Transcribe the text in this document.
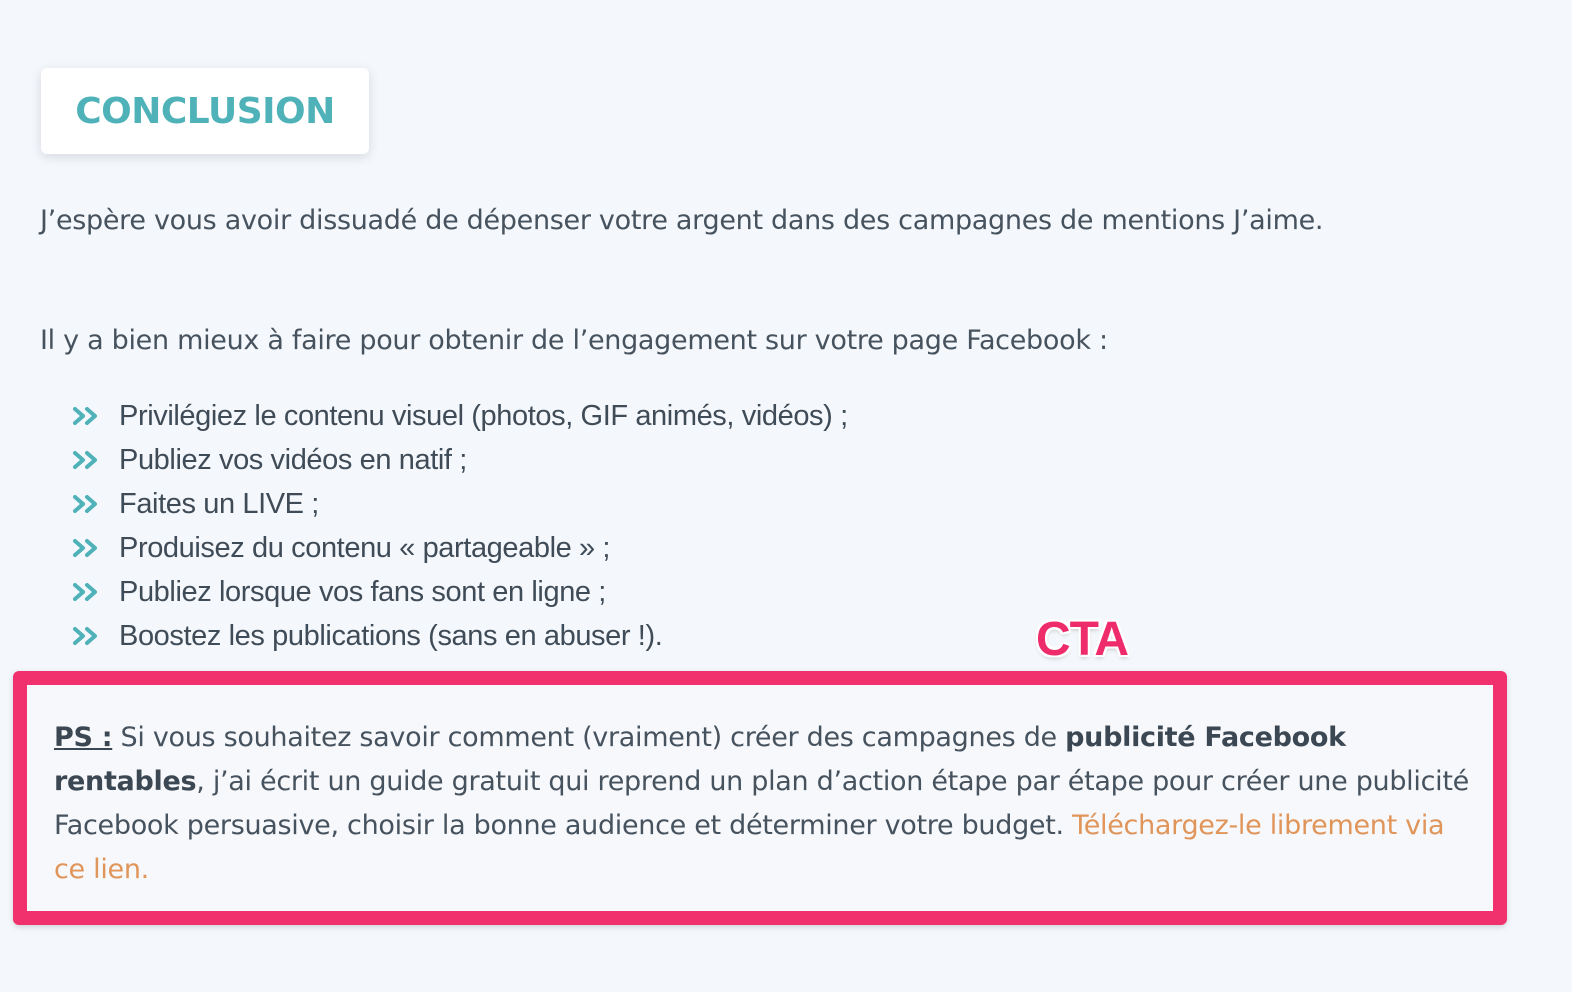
CONCLUSION

J’espère vous avoir dissuadé de dépenser votre argent dans des campagnes de mentions J’aime.

Il y a bien mieux à faire pour obtenir de l’engagement sur votre page Facebook :

Privilégiez le contenu visuel (photos, GIF animés, vidéos) ;
Publiez vos vidéos en natif ;
Faites un LIVE ;
Produisez du contenu « partageable » ;
Publiez lorsque vos fans sont en ligne ;
Boostez les publications (sans en abuser !).	CTA

PS : Si vous souhaitez savoir comment (vraiment) créer des campagnes de publicité Facebook rentables, j’ai écrit un guide gratuit qui reprend un plan d’action étape par étape pour créer une publicité Facebook persuasive, choisir la bonne audience et déterminer votre budget. Téléchargez-le librement via ce lien.
